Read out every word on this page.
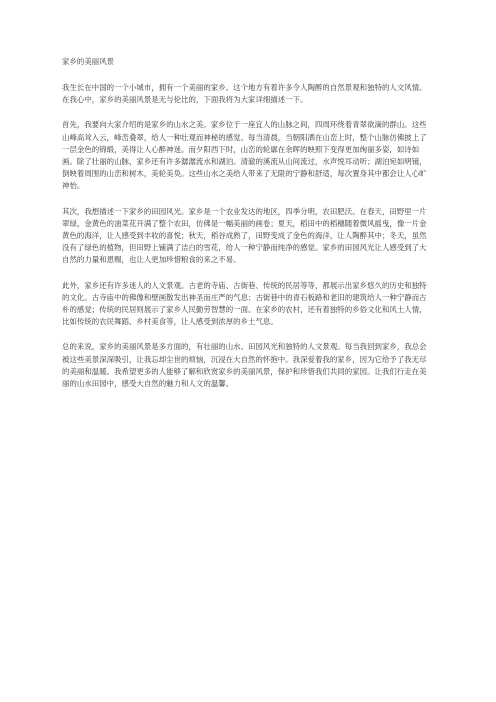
家乡的美丽风景

我生长在中国的一个小城市，拥有一个美丽的家乡。这个地方有着许多令人陶醉的自然景观和独特的人文风情。在我心中，家乡的美丽风景是无与伦比的，下面我将为大家详细描述一下。

首先，我要向大家介绍的是家乡的山水之美。家乡位于一座宜人的山脉之间，四周环绕着青翠欲滴的群山。这些山峰高耸入云，峰峦叠翠，给人一种壮观而神秘的感觉。每当清晨，当朝阳洒在山峦上时，整个山脉仿佛披上了一层金色的锦缎，美得让人心醉神迷。而夕阳西下时，山峦的轮廓在余晖的映照下变得更加绚丽多姿，如诗如画。除了壮丽的山脉，家乡还有许多潺潺流水和湖泊。清澈的溪流从山间流过，水声悦耳动听；湖泊宛如明镜，倒映着周围的山峦和树木，美轮美奂。这些山水之美给人带来了无限的宁静和舒适，每次置身其中都会让人心旷神怡。

其次，我想描述一下家乡的田园风光。家乡是一个农业发达的地区，四季分明，农田肥沃。在春天，田野里一片翠绿，金黄色的油菜花开满了整个农田，仿佛是一幅美丽的画卷；夏天，稻田中的稻穗随着微风摇曳，像一片金黄色的海洋，让人感受到丰收的喜悦；秋天，稻谷成熟了，田野变成了金色的海洋，让人陶醉其中；冬天，虽然没有了绿色的植物，但田野上铺满了洁白的雪花，给人一种宁静而纯净的感觉。家乡的田园风光让人感受到了大自然的力量和恩赐，也让人更加珍惜粮食的来之不易。

此外，家乡还有许多迷人的人文景观。古老的寺庙、古街巷、传统的民居等等，都展示出家乡悠久的历史和独特的文化。古寺庙中的佛像和壁画散发出神圣而庄严的气息；古街巷中的青石板路和老旧的建筑给人一种宁静而古朴的感觉；传统的民居则展示了家乡人民勤劳智慧的一面。在家乡的农村，还有着独特的乡俗文化和风土人情，比如传统的农民舞蹈、乡村美食等，让人感受到浓厚的乡土气息。

总的来说，家乡的美丽风景是多方面的，有壮丽的山水、田园风光和独特的人文景观。每当我回到家乡，我总会被这些美景深深吸引，让我忘却尘世的烦恼，沉浸在大自然的怀抱中。我深爱着我的家乡，因为它给予了我无尽的美丽和温暖。我希望更多的人能够了解和欣赏家乡的美丽风景，保护和珍惜我们共同的家园。让我们行走在美丽的山水田园中，感受大自然的魅力和人文的温馨。
